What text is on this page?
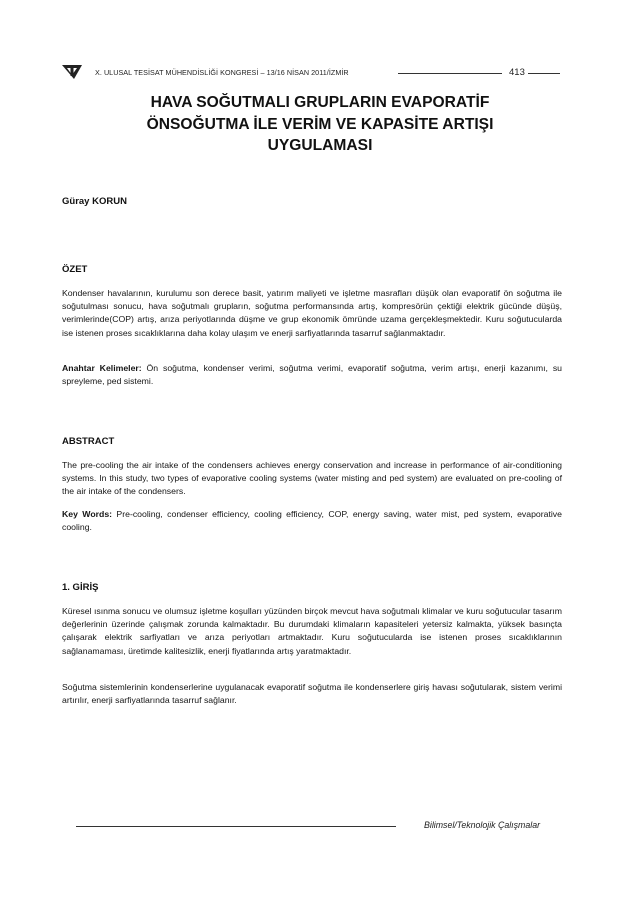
X. ULUSAL TESİSAT MÜHENDİSLİĞİ KONGRESİ – 13/16 NİSAN 2011/İZMİR	413
HAVA SOĞUTMALI GRUPLARIN EVAPORATİF
ÖNSOĞUTMA İLE VERİM VE KAPASİTE ARTIŞI
UYGULAMASI
Güray KORUN
ÖZET
Kondenser havalarının, kurulumu son derece basit, yatırım maliyeti ve işletme masrafları düşük olan evaporatif ön soğutma ile soğutulması sonucu, hava soğutmalı grupların, soğutma performansında artış, kompresörün çektiği elektrik gücünde düşüş, verimlerinde(COP) artış, arıza periyotlarında düşme ve grup ekonomik ömründe uzama gerçekleşmektedir. Kuru soğutucularda ise istenen proses sıcaklıklarına daha kolay ulaşım ve enerji sarfiyatlarında tasarruf sağlanmaktadır.
Anahtar Kelimeler: Ön soğutma, kondenser verimi, soğutma verimi, evaporatif soğutma, verim artışı, enerji kazanımı, su spreyleme, ped sistemi.
ABSTRACT
The pre-cooling the air intake of the condensers achieves energy conservation and increase in performance of air-conditioning systems. In this study, two types of evaporative cooling systems (water misting and ped system) are evaluated on pre-cooling of the air intake of the condensers.
Key Words: Pre-cooling, condenser efficiency, cooling efficiency, COP, energy saving, water mist, ped system, evaporative cooling.
1. GİRİŞ
Küresel ısınma sonucu ve olumsuz işletme koşulları yüzünden birçok mevcut hava soğutmalı klimalar ve kuru soğutucular tasarım değerlerinin üzerinde çalışmak zorunda kalmaktadır. Bu durumdaki klimaların kapasiteleri yetersiz kalmakta, yüksek basınçta çalışarak elektrik sarfiyatları ve arıza periyotları artmaktadır. Kuru soğutucularda ise istenen proses sıcaklıklarının sağlanamaması, üretimde kalitesizlik, enerji fiyatlarında artış yaratmaktadır.
Soğutma sistemlerinin kondenserlerine uygulanacak evaporatif soğutma ile kondenserlere giriş havası soğutularak, sistem verimi artırılır, enerji sarfiyatlarında tasarruf sağlanır.
Bilimsel/Teknolojik Çalışmalar
